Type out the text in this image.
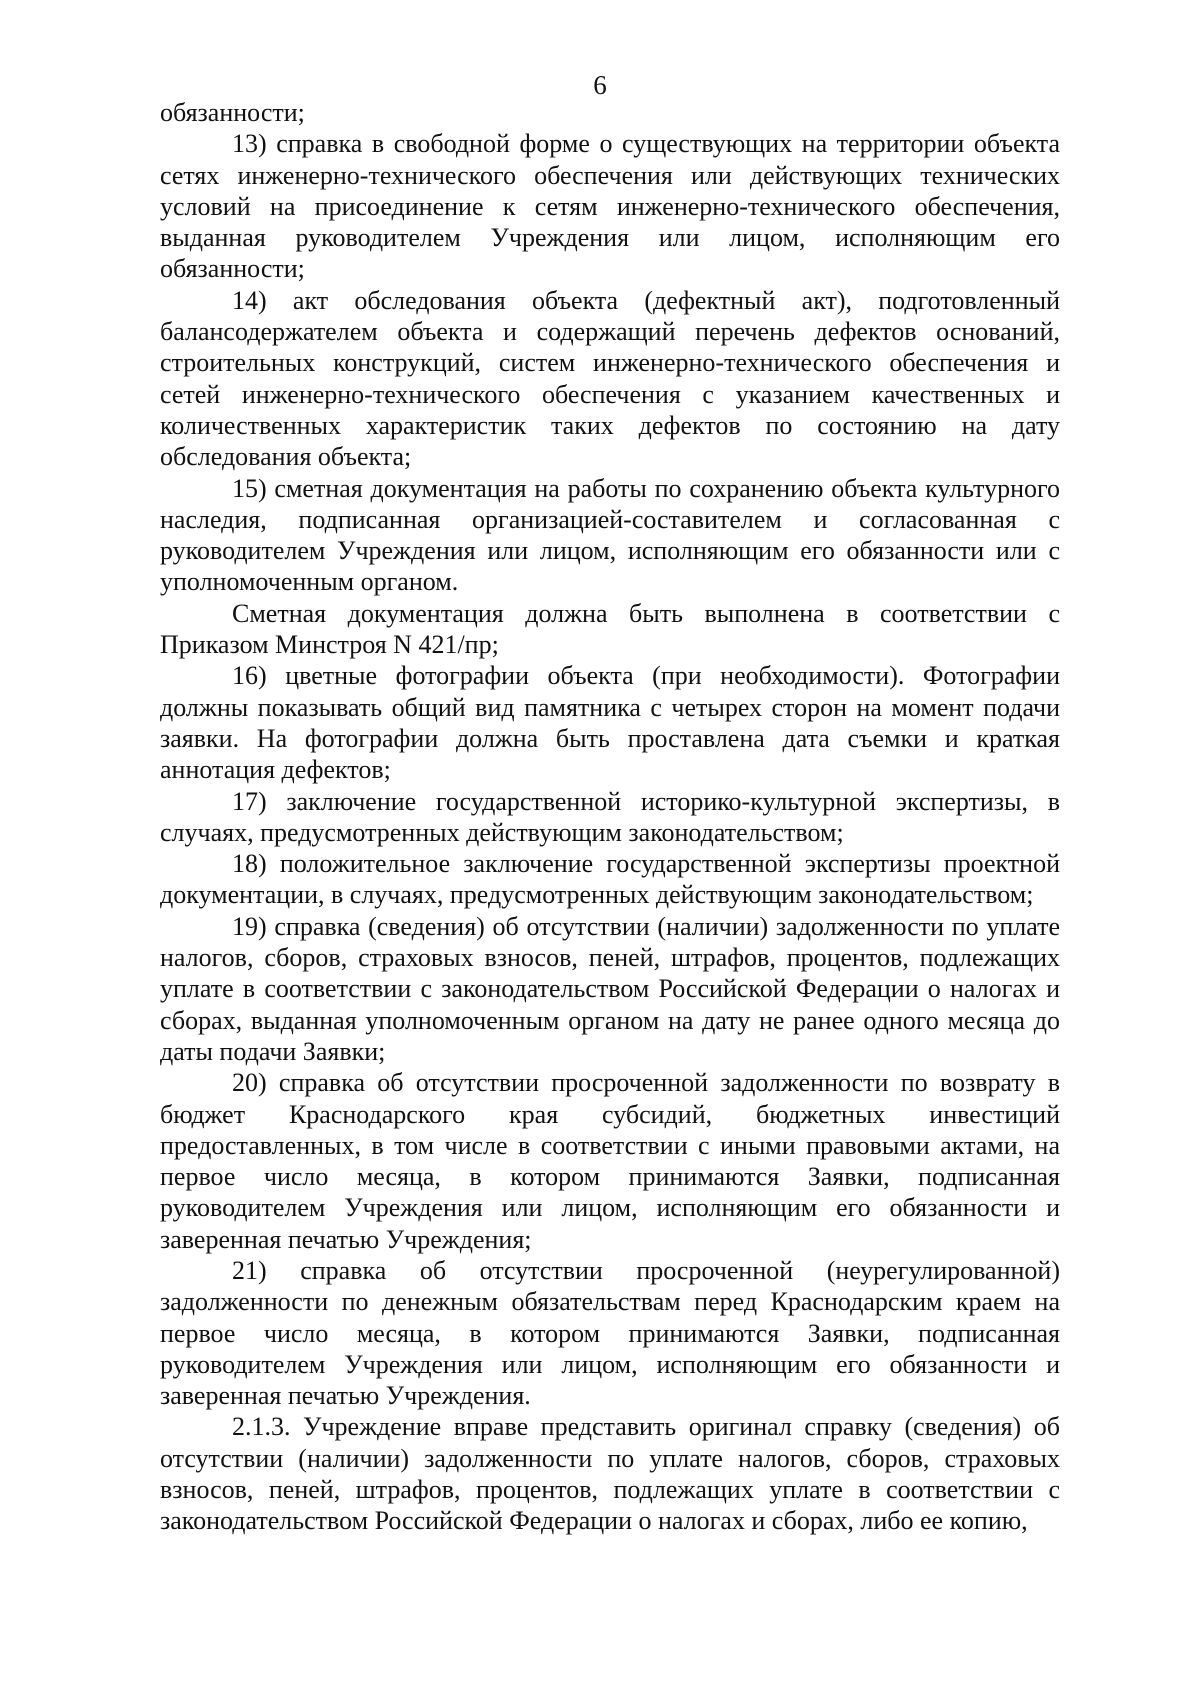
6

обязанности;

13) справка в свободной форме о существующих на территории объекта сетях инженерно-технического обеспечения или действующих технических условий на присоединение к сетям инженерно-технического обеспечения, выданная руководителем Учреждения или лицом, исполняющим его обязанности;

14) акт обследования объекта (дефектный акт), подготовленный балансодержателем объекта и содержащий перечень дефектов оснований, строительных конструкций, систем инженерно-технического обеспечения и сетей инженерно-технического обеспечения с указанием качественных и количественных характеристик таких дефектов по состоянию на дату обследования объекта;

15) сметная документация на работы по сохранению объекта культурного наследия, подписанная организацией-составителем и согласованная с руководителем Учреждения или лицом, исполняющим его обязанности или с уполномоченным органом.

Сметная документация должна быть выполнена в соответствии с Приказом Минстроя N 421/пр;

16) цветные фотографии объекта (при необходимости). Фотографии должны показывать общий вид памятника с четырех сторон на момент подачи заявки. На фотографии должна быть проставлена дата съемки и краткая аннотация дефектов;

17) заключение государственной историко-культурной экспертизы, в случаях, предусмотренных действующим законодательством;

18) положительное заключение государственной экспертизы проектной документации, в случаях, предусмотренных действующим законодательством;

19) справка (сведения) об отсутствии (наличии) задолженности по уплате налогов, сборов, страховых взносов, пеней, штрафов, процентов, подлежащих уплате в соответствии с законодательством Российской Федерации о налогах и сборах, выданная уполномоченным органом на дату не ранее одного месяца до даты подачи Заявки;

20) справка об отсутствии просроченной задолженности по возврату в бюджет Краснодарского края субсидий, бюджетных инвестиций предоставленных, в том числе в соответствии с иными правовыми актами, на первое число месяца, в котором принимаются Заявки, подписанная руководителем Учреждения или лицом, исполняющим его обязанности и заверенная печатью Учреждения;

21) справка об отсутствии просроченной (неурегулированной) задолженности по денежным обязательствам перед Краснодарским краем на первое число месяца, в котором принимаются Заявки, подписанная руководителем Учреждения или лицом, исполняющим его обязанности и заверенная печатью Учреждения.

2.1.3. Учреждение вправе представить оригинал справку (сведения) об отсутствии (наличии) задолженности по уплате налогов, сборов, страховых взносов, пеней, штрафов, процентов, подлежащих уплате в соответствии с законодательством Российской Федерации о налогах и сборах, либо ее копию,
